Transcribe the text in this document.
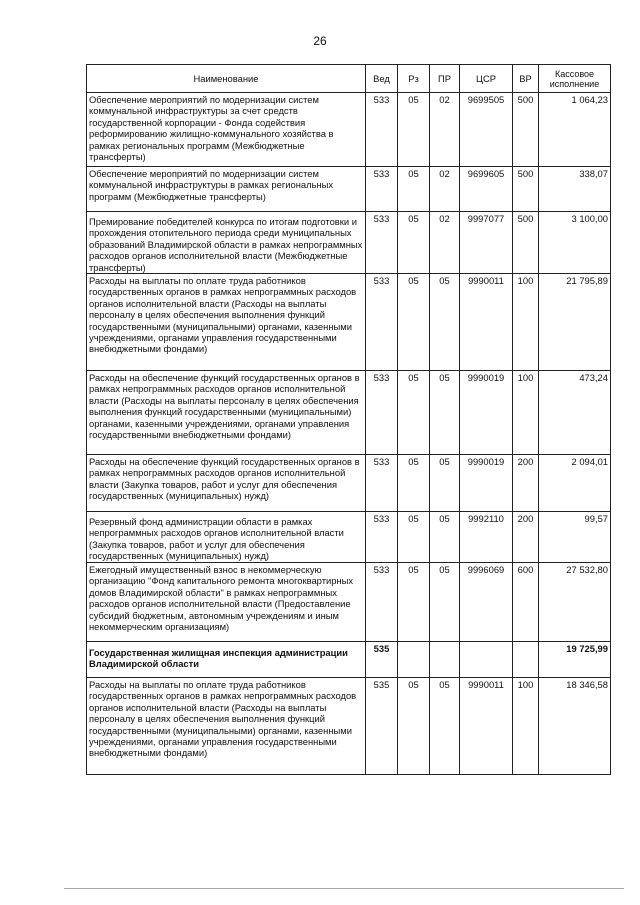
26
Наименование	Вед	Рз	ПР	ЦСР	ВР	Кассовое исполнение
Обеспечение мероприятий по модернизации систем коммунальной инфраструктуры за счет средств государственной корпорации - Фонда содействия реформированию жилищно-коммунального хозяйства в рамках региональных программ (Межбюджетные трансферты)	533	05	02	9699505	500	1 064,23
Обеспечение мероприятий по модернизации систем коммунальной инфраструктуры в рамках региональных программ (Межбюджетные трансферты)	533	05	02	9699605	500	338,07
Премирование победителей конкурса по итогам подготовки и прохождения отопительного периода среди муниципальных образований Владимирской области в рамках непрограммных расходов органов исполнительной власти (Межбюджетные трансферты)	533	05	02	9997077	500	3 100,00
Расходы на выплаты по оплате труда работников государственных органов в рамках непрограммных расходов органов исполнительной власти (Расходы на выплаты персоналу в целях обеспечения выполнения функций государственными (муниципальными) органами, казенными учреждениями, органами управления государственными внебюджетными фондами)	533	05	05	9990011	100	21 795,89
Расходы на обеспечение функций государственных органов в рамках непрограммных расходов органов исполнительной власти (Расходы на выплаты персоналу в целях обеспечения выполнения функций государственными (муниципальными) органами, казенными учреждениями, органами управления государственными внебюджетными фондами)	533	05	05	9990019	100	473,24
Расходы на обеспечение функций государственных органов в рамках непрограммных расходов органов исполнительной власти (Закупка товаров, работ и услуг для обеспечения государственных (муниципальных) нужд)	533	05	05	9990019	200	2 094,01
Резервный фонд администрации области в рамках непрограммных расходов органов исполнительной власти (Закупка товаров, работ и услуг для обеспечения государственных (муниципальных) нужд)	533	05	05	9992110	200	99,57
Ежегодный имущественный взнос в некоммерческую организацию "Фонд капитального ремонта многоквартирных домов Владимирской области" в рамках непрограммных расходов органов исполнительной власти (Предоставление субсидий бюджетным, автономным учреждениям и иным некоммерческим организациям)	533	05	05	9996069	600	27 532,80
Государственная жилищная инспекция администрации Владимирской области	535					19 725,99
Расходы на выплаты по оплате труда работников государственных органов в рамках непрограммных расходов органов исполнительной власти (Расходы на выплаты персоналу в целях обеспечения выполнения функций государственными (муниципальными) органами, казенными учреждениями, органами управления государственными внебюджетными фондами)	535	05	05	9990011	100	18 346,58
